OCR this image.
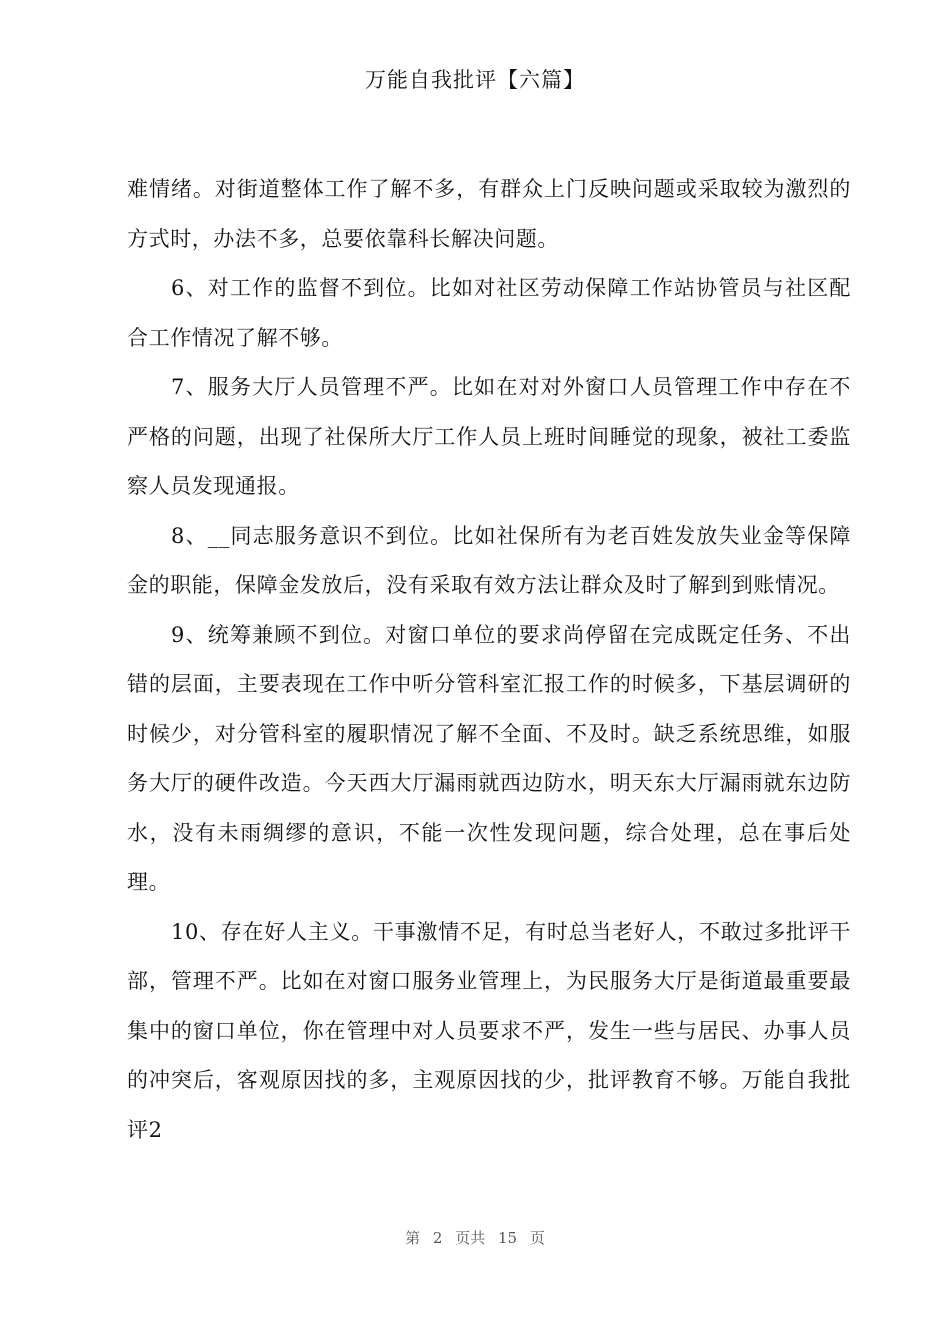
万能自我批评【六篇】

难情绪。对街道整体工作了解不多，有群众上门反映问题或采取较为激烈的方式时，办法不多，总要依靠科长解决问题。

6、对工作的监督不到位。比如对社区劳动保障工作站协管员与社区配合工作情况了解不够。

7、服务大厅人员管理不严。比如在对对外窗口人员管理工作中存在不严格的问题，出现了社保所大厅工作人员上班时间睡觉的现象，被社工委监察人员发现通报。

8、__同志服务意识不到位。比如社保所有为老百姓发放失业金等保障金的职能，保障金发放后，没有采取有效方法让群众及时了解到到账情况。

9、统筹兼顾不到位。对窗口单位的要求尚停留在完成既定任务、不出错的层面，主要表现在工作中听分管科室汇报工作的时候多，下基层调研的时候少，对分管科室的履职情况了解不全面、不及时。缺乏系统思维，如服务大厅的硬件改造。今天西大厅漏雨就西边防水，明天东大厅漏雨就东边防水，没有未雨绸缪的意识，不能一次性发现问题，综合处理，总在事后处理。

10、存在好人主义。干事激情不足，有时总当老好人，不敢过多批评干部，管理不严。比如在对窗口服务业管理上，为民服务大厅是街道最重要最集中的窗口单位，你在管理中对人员要求不严，发生一些与居民、办事人员的冲突后，客观原因找的多，主观原因找的少，批评教育不够。万能自我批评2

第 2 页共 15 页
